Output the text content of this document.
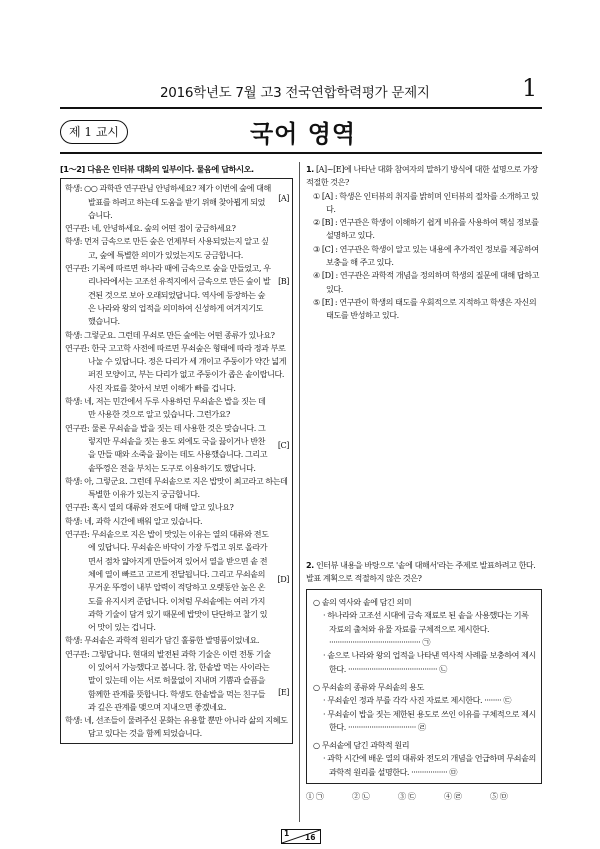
2016학년도 7월 고3 전국연합학력평가 문제지	1
제 1 교시	국어 영역
[1～2] 다음은 인터뷰 대화의 일부이다. 물음에 답하시오.

학생: ○○ 과학관 연구관님 안녕하세요? 제가 이번에 숲에 대해 발표를 하려고 하는데 도움을 받기 위해 찾아뵙게 되었습니다.

[A]

연구관: 네, 안녕하세요. 숲의 어떤 점이 궁금하세요?

학생: 먼저 금속으로 만든 숲은 언제부터 사용되었는지 알고 싶고, 숲에 특별한 의미가 있었는지도 궁금합니다.

연구관: 기록에 따르면 하나라 때에 금속으로 숲을 만들었고, 우리나라에서는 고조선 유적지에서 금속으로 만든 숲이 발견된 것으로 보아 오래되었답니다. 역사에 등장하는 숲은 나라와 왕의 업적을 의미하여 신성하게 여겨지기도 했습니다.

[B]

학생: 그렇군요. 그런데 무쇠로 만든 숲에는 어떤 종류가 있나요?

연구관: 한국 고고학 사전에 따르면 무쇠숲은 형태에 따라 정과 부로 나눌 수 있답니다. 정은 다리가 세 개이고 주둥이가 약간 넓게 퍼진 모양이고, 부는 다리가 없고 주둥이가 좁은 솥이랍니다. 사진 자료를 찾아서 보면 이해가 빠를 겁니다.

학생: 네, 저는 민간에서 두루 사용하던 무쇠솥은 밥을 짓는 데만 사용한 것으로 알고 있습니다. 그런가요?

연구관: 물론 무쇠솥을 밥을 짓는 데 사용한 것은 맞습니다. 그렇지만 무쇠솥을 짓는 용도 외에도 국을 끓이거나 반찬을 만들 때와 소죽을 끓이는 데도 사용했습니다. 그리고 솥뚜껑은 전을 부치는 도구로 이용하기도 했답니다.

[C]

학생: 아, 그렇군요. 그런데 무쇠솥으로 지은 밥맛이 최고라고 하는데 특별한 이유가 있는지 궁금합니다.

연구관: 혹시 열의 대류와 전도에 대해 알고 있나요?

학생: 네, 과학 시간에 배워 알고 있습니다.

연구관: 무쇠솥으로 지은 밥이 맛있는 이유는 열의 대류와 전도에 있답니다. 무쇠솥은 바닥이 가장 두껍고 위로 올라가면서 점차 얇아지게 만들어져 있어서 열을 받으면 솥 전체에 열이 빠르고 고르게 전달됩니다. 그리고 무쇠솥의 무거운 뚜껑이 내부 압력이 적당하고 오랫동안 높은 온도를 유지시켜 준답니다. 이처럼 무쇠솥에는 여러 가지 과학 기술이 담겨 있기 때문에 밥맛이 단단하고 찰기 있어 맛이 있는 겁니다.

[D]

학생: 무쇠솥은 과학적 원리가 담긴 훌륭한 발명품이었네요.

연구관: 그렇답니다. 현대의 발전된 과학 기술은 이런 전통 기술이 있어서 가능했다고 봅니다. 참, 한솥밥 먹는 사이라는 말이 있는데 이는 서로 허물없이 지내며 기쁨과 슬픔을 함께한 관계를 뜻합니다. 학생도 한솥밥을 먹는 친구들과 깊은 관계를 맺으며 지내으면 좋겠네요.

[E]

학생: 네, 선조들이 물려주신 문화는 유용할 뿐만 아니라 삶의 지혜도 담고 있다는 것을 함께 되었습니다.

1. [A]~[E]에 나타난 대화 참여자의 말하기 방식에 대한 설명으로 가장 적절한 것은?

① [A] : 학생은 인터뷰의 취지를 밝히며 인터뷰의 절차를 소개하고 있다.

② [B] : 연구관은 학생이 이해하기 쉽게 비유를 사용하여 핵심 정보를 설명하고 있다.

③ [C] : 연구관은 학생이 알고 있는 내용에 추가적인 정보를 제공하여 보충을 해 주고 있다.

④ [D] : 연구관은 과학적 개념을 정의하며 학생의 질문에 대해 답하고 있다.

⑤ [E] : 연구관이 학생의 태도를 우회적으로 지적하고 학생은 자신의 태도를 반성하고 있다.

2. 인터뷰 내용을 바탕으로 '솥에 대해서'라는 주제로 발표하려고 한다. 발표 계획으로 적절하지 않은 것은?

○ 솥의 역사와 솥에 담긴 의미

· 하나라와 고조선 시대에 금속 재료로 된 솥을 사용했다는 기록 자료의 출처와 유물 자료를 구체적으로 제시한다. ··········································· ㉠

· 솥으로 나라와 왕의 업적을 나타낸 역사적 사례를 보충하여 제시한다. ·········································· ㉡

○ 무쇠솥의 종류와 무쇠솥의 용도

· 무쇠솥인 정과 부를 각각 사진 자료로 제시한다. ········ ㉢

· 무쇠솥이 밥을 짓는 제한된 용도로 쓰인 이유를 구체적으로 제시한다. ································ ㉣

○ 무쇠솥에 담긴 과학적 원리

· 과학 시간에 배운 열의 대류와 전도의 개념을 언급하며 무쇠솥의 과학적 원리를 설명한다. ················· ㉤

① ㉠	② ㉡	③ ㉢	④ ㉣	⑤ ㉤
1 16
